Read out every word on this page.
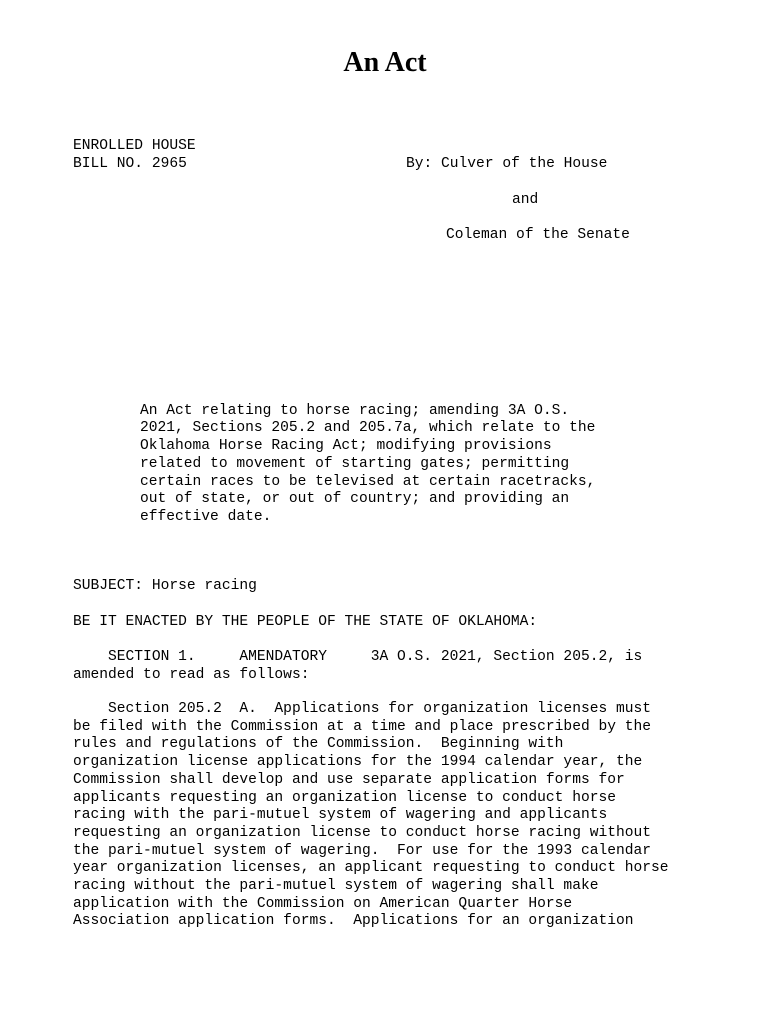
An Act
ENROLLED HOUSE
BILL NO. 2965	By: Culver of the House
and
Coleman of the Senate

An Act relating to horse racing; amending 3A O.S.
2021, Sections 205.2 and 205.7a, which relate to the
Oklahoma Horse Racing Act; modifying provisions
related to movement of starting gates; permitting
certain races to be televised at certain racetracks,
out of state, or out of country; and providing an
effective date.

SUBJECT: Horse racing
BE IT ENACTED BY THE PEOPLE OF THE STATE OF OKLAHOMA:
SECTION 1.     AMENDATORY     3A O.S. 2021, Section 205.2, is
amended to read as follows:
Section 205.2  A.  Applications for organization licenses must
be filed with the Commission at a time and place prescribed by the
rules and regulations of the Commission.  Beginning with
organization license applications for the 1994 calendar year, the
Commission shall develop and use separate application forms for
applicants requesting an organization license to conduct horse
racing with the pari-mutuel system of wagering and applicants
requesting an organization license to conduct horse racing without
the pari-mutuel system of wagering.  For use for the 1993 calendar
year organization licenses, an applicant requesting to conduct horse
racing without the pari-mutuel system of wagering shall make
application with the Commission on American Quarter Horse
Association application forms.  Applications for an organization
